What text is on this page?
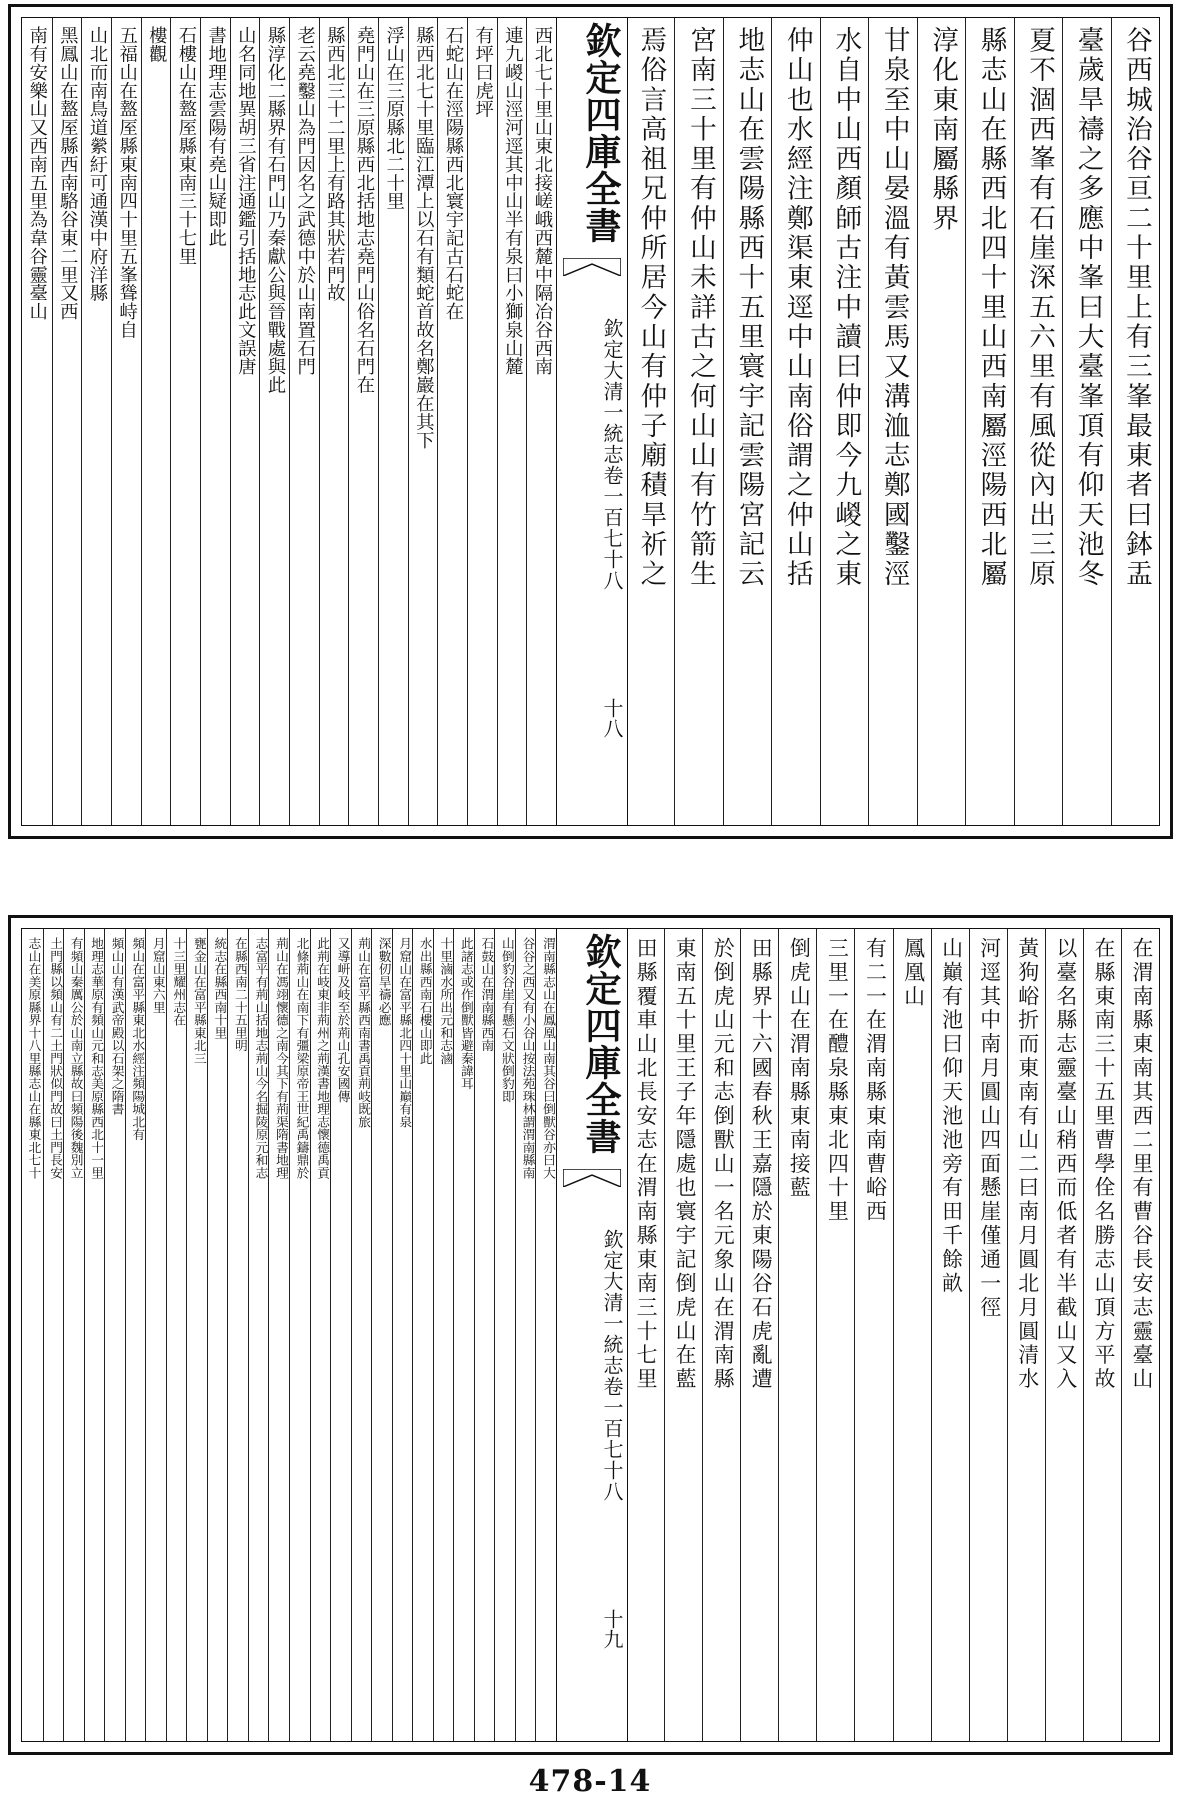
欽定四庫全書
欽定大清一統志卷一百七十八
十八
谷西城治谷亘二十里上有三峯最東者曰鉢盂
臺歲旱禱之多應中峯曰大臺峯頂有仰天池冬
夏不涸西峯有石崖深五六里有風從內出三原
縣志山在縣西北四十里山西南屬涇陽西北屬
淳化東南屬縣界
甘泉至中山晏溫有黃雲馬又溝洫志鄭國鑿涇
水自中山西顏師古注中讀曰仲即今九嵕之東
仲山也水經注鄭渠東逕中山南俗謂之仲山括
地志山在雲陽縣西十五里寰宇記雲陽宮記云
宮南三十里有仲山未詳古之何山山有竹箭生
焉俗言高祖兄仲所居今山有仲子廟積旱祈之
西北七十里山東北接嵯峨西麓中隔冶谷西南
連九嵕山涇河逕其中山半有泉曰小獅泉山麓
有坪曰虎坪
石蛇山在涇陽縣西北寰宇記古石蛇在
縣西北七十里臨江潭上以石有類蛇首故名鄭巖在其下
浮山在三原縣北二十里
堯門山在三原縣西北括地志堯門山俗名石門在
縣西北三十二里上有路其狀若門故
老云堯鑿山為門因名之武德中於山南置石門
縣淳化二縣界有石門山乃秦獻公與晉戰處與此
山名同地異胡三省注通鑑引括地志此文誤唐
書地理志雲陽有堯山疑即此
石樓山在盩厔縣東南三十七里
樓觀
五福山在盩厔縣東南四十里五峯聳峙自
山北而南鳥道縈紆可通漢中府洋縣
黑鳳山在盩厔縣西南駱谷東二里又西
南有安樂山又西南五里為韋谷靈臺山
欽定四庫全書
欽定大清一統志卷一百七十八
十九
在渭南縣東南其西二里有曹谷長安志靈臺山
在縣東南三十五里曹學佺名勝志山頂方平故
以臺名縣志靈臺山稍西而低者有半截山又入
黃狗峪折而東南有山二曰南月圓北月圓清水
河逕其中南月圓山四面懸崖僅通一徑
山巔有池曰仰天池池旁有田千餘畝
鳳凰山
有二一在渭南縣東南曹峪西
三里一在醴泉縣東北四十里
倒虎山在渭南縣東南接藍
田縣界十六國春秋王嘉隱於東陽谷石虎亂遭
於倒虎山元和志倒獸山一名元象山在渭南縣
東南五十里王子年隱處也寰宇記倒虎山在藍
田縣覆車山北長安志在渭南縣東南三十七里
渭南縣志山在鳳凰山南其谷曰倒獸谷亦曰大
谷谷之西又有小谷山按法苑珠林謂渭南縣南
山倒豹谷崖有懸石文狀倒豹即
石鼓山在渭南縣西南
此諸志或作倒獸皆避秦諱耳
十里滷水所出元和志滷
水出縣西南石樓山即此
月窟山在富平縣北四十里山巔有泉
深數仞旱禱必應
荊山在富平縣西南書禹貢荊岐既旅
又導岍及岐至於荊山孔安國傳
此荊在岐東非荊州之荊漢書地理志懷德禹貢
北條荊山在南下有彊梁原帝王世紀禹鑄鼎於
荊山在馮翊懷德之南今其下有荊渠隋書地理
志富平有荊山括地志荊山今名掘陵原元和志
在縣西南二十五里明
統志在縣西南十里
甕金山在富平縣東北三
十三里耀州志在
月窟山東六里
頻山在富平縣東北水經注頻陽城北有
頻山山有漢武帝殿以石架之隋書
地理志華原有頻山元和志美原縣西北十一里
有頻山秦厲公於山南立縣故曰頻陽後魏別立
土門縣以頻山有二土門狀似門故曰土門長安
志山在美原縣界十八里縣志山在縣東北七十
478-14
